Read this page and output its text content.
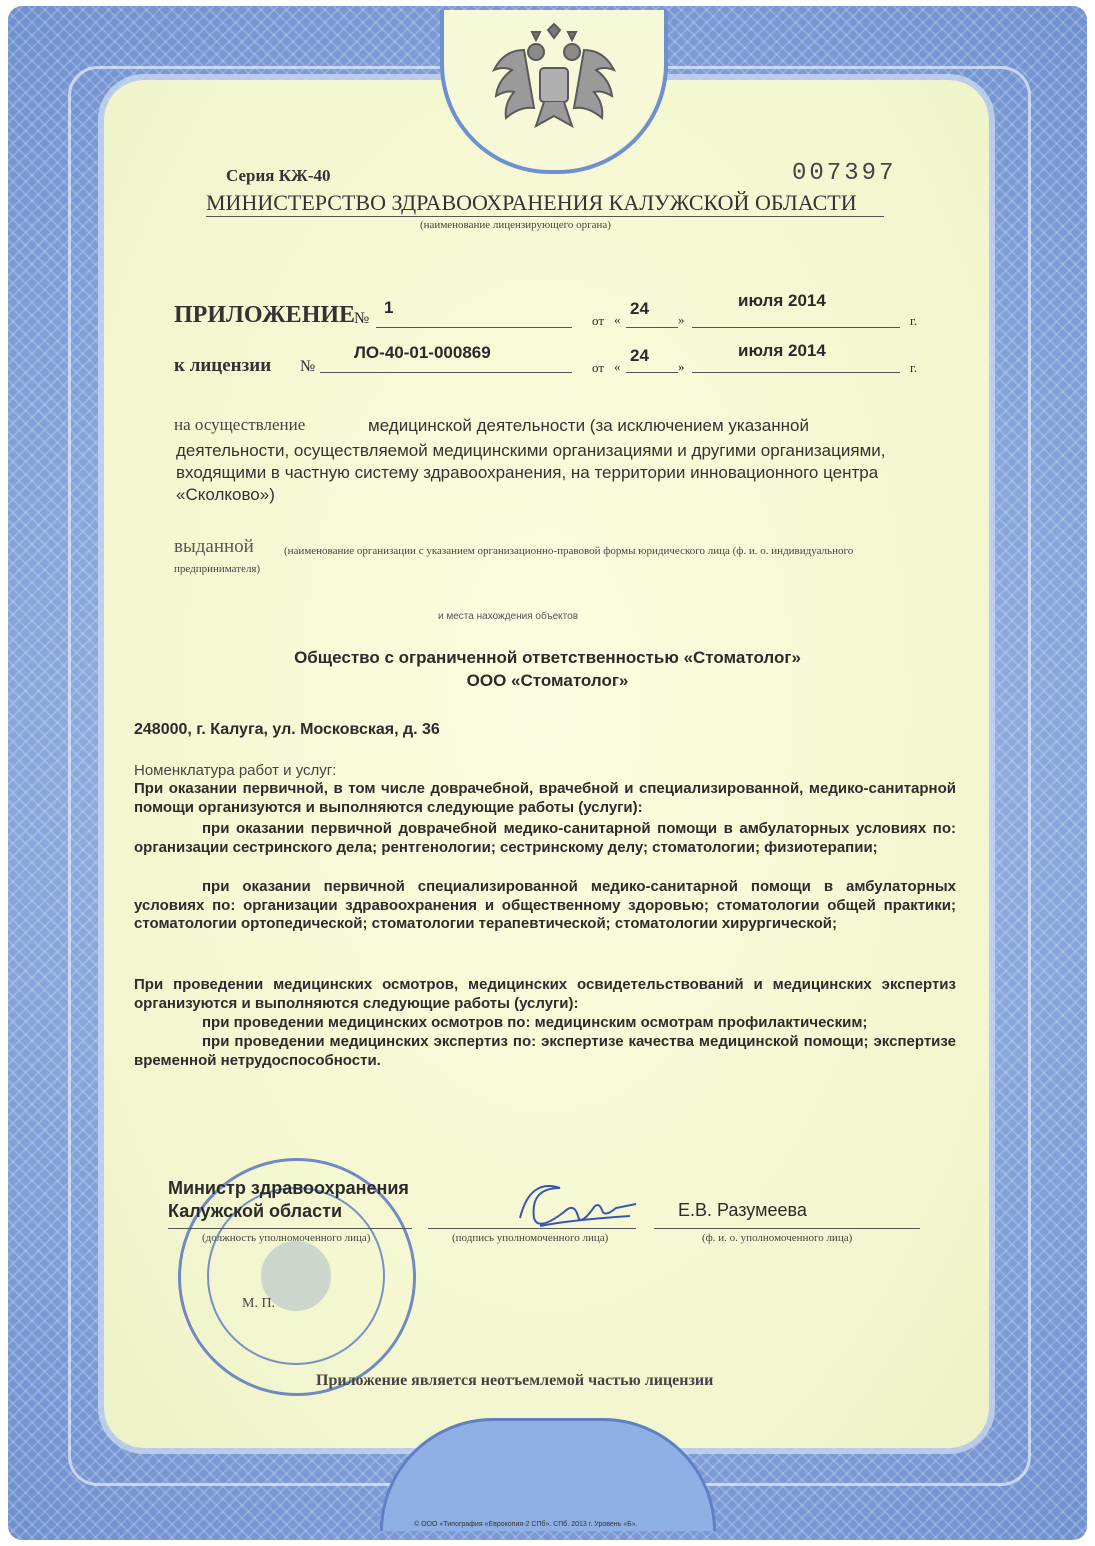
Серия КЖ-40	007397
МИНИСТЕРСТВО ЗДРАВООХРАНЕНИЯ КАЛУЖСКОЙ ОБЛАСТИ
(наименование лицензирующего органа)
ПРИЛОЖЕНИЕ
№
1
от «
24
»
июля 2014
г.
к лицензии №
ЛО-40-01-000869
от «
24
»
июля 2014
г.
на осуществление	медицинской деятельности (за исключением указанной
деятельности, осуществляемой медицинскими организациями и другими организациями, входящими в частную систему здравоохранения, на территории инновационного центра «Сколково»)
выданной	(наименование организации с указанием организационно-правовой формы юридического лица (ф. и. о. индивидуального предпринимателя)
и места нахождения объектов
Общество с ограниченной ответственностью «Стоматолог»
ООО «Стоматолог»
248000, г. Калуга, ул. Московская, д. 36
Номенклатура работ и услуг:
При оказании первичной, в том числе доврачебной, врачебной и специализированной, медико-санитарной помощи организуются и выполняются следующие работы (услуги):
при оказании первичной доврачебной медико-санитарной помощи в амбулаторных условиях по: организации сестринского дела; рентгенологии; сестринскому делу; стоматологии; физиотерапии;
при оказании первичной специализированной медико-санитарной помощи в амбулаторных условиях по: организации здравоохранения и общественному здоровью; стоматологии общей практики; стоматологии ортопедической; стоматологии терапевтической; стоматологии хирургической;
При проведении медицинских осмотров, медицинских освидетельствований и медицинских экспертиз организуются и выполняются следующие работы (услуги):
при проведении медицинских осмотров по: медицинским осмотрам профилактическим;
при проведении медицинских экспертиз по: экспертизе качества медицинской помощи; экспертизе временной нетрудоспособности.
Министр здравоохранения
Калужской области
(должность уполномоченного лица)	(подпись уполномоченного лица)
Е.В. Разумеева
(ф. и. о. уполномоченного лица)
М. П.
Приложение является неотъемлемой частью лицензии
© ООО «Типография «Еврокопия-2 СПб». СПб. 2013 г. Уровень «Б».
